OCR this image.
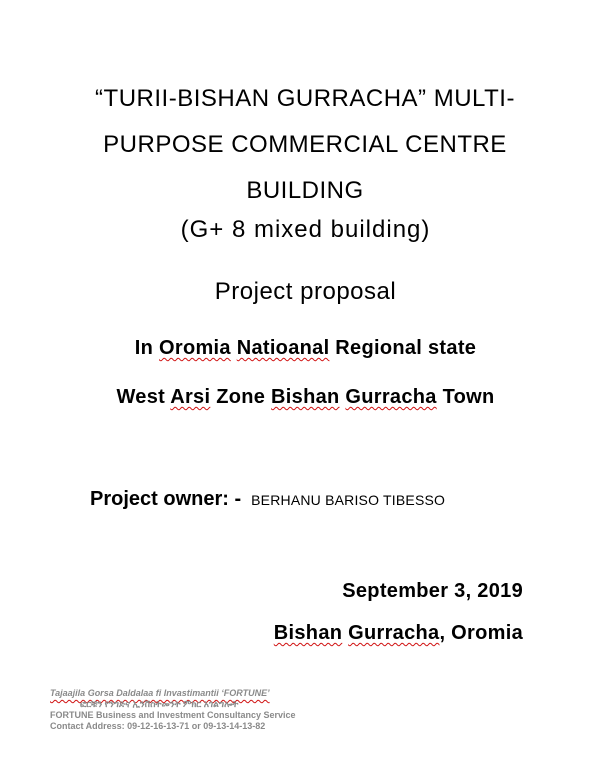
“TURII-BISHAN GURRACHA” MULTI-
PURPOSE COMMERCIAL CENTRE
BUILDING
(G+ 8 mixed building)
Project proposal
In Oromia Natioanal Regional state
West Arsi Zone Bishan Gurracha Town
Project owner: - BERHANU BARISO TIBESSO
September 3, 2019
Bishan Gurracha, Oromia
Tajaajila Gorsa Daldalaa fi Invastimantii ‘FORTUNE’
ፎርቹን የንግድና ኢንቨስትመንት ምክር አገልግሎት
FORTUNE Business and Investment Consultancy Service
Contact Address: 09-12-16-13-71 or 09-13-14-13-82
